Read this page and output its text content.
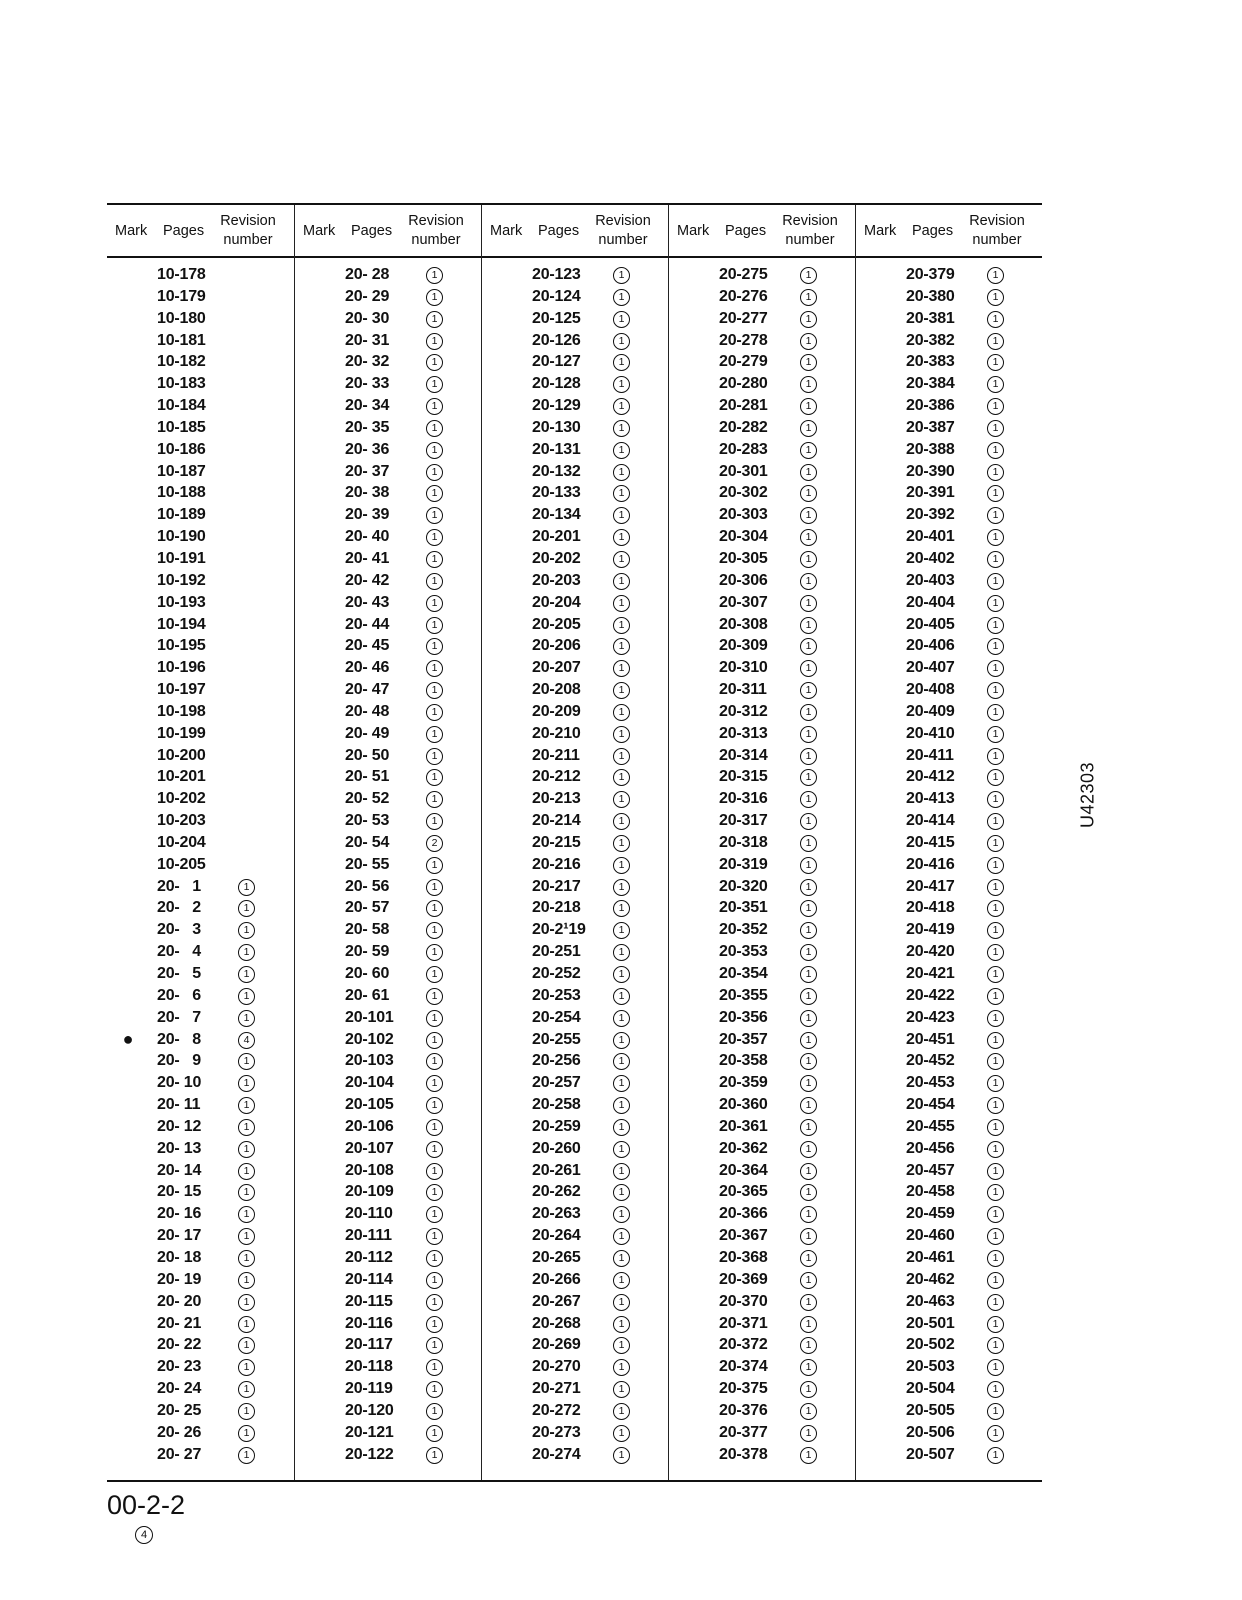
Mark Pages
Revision
number
10-178
10-179
10-180
10-181
10-182
10-183
10-184
10-185
10-186
10-187
10-188
10-189
10-190
10-191
10-192
10-193
10-194
10-195
10-196
10-197
10-198
10-199
10-200
10-201
10-202
10-203
10-204
10-205
20-   1	1
20-   2	1
20-   3	1
20-   4	1
20-   5	1
20-   6	1
20-   7	1
● 20-   8	4
20-   9	1
20- 10	1
20- 11	1
20- 12	1
20- 13	1
20- 14	1
20- 15	1
20- 16	1
20- 17	1
20- 18	1
20- 19	1
20- 20	1
20- 21	1
20- 22	1
20- 23	1
20- 24	1
20- 25	1
20- 26	1
20- 27	1
Mark Pages
Revision
number
20- 28	1
20- 29	1
20- 30	1
20- 31	1
20- 32	1
20- 33	1
20- 34	1
20- 35	1
20- 36	1
20- 37	1
20- 38	1
20- 39	1
20- 40	1
20- 41	1
20- 42	1
20- 43	1
20- 44	1
20- 45	1
20- 46	1
20- 47	1
20- 48	1
20- 49	1
20- 50	1
20- 51	1
20- 52	1
20- 53	1
20- 54	2
20- 55	1
20- 56	1
20- 57	1
20- 58	1
20- 59	1
20- 60	1
20- 61	1
20-101	1
20-102	1
20-103	1
20-104	1
20-105	1
20-106	1
20-107	1
20-108	1
20-109	1
20-110	1
20-111	1
20-112	1
20-114	1
20-115	1
20-116	1
20-117	1
20-118	1
20-119	1
20-120	1
20-121	1
20-122	1
Mark Pages
Revision
number
20-123	1
20-124	1
20-125	1
20-126	1
20-127	1
20-128	1
20-129	1
20-130	1
20-131	1
20-132	1
20-133	1
20-134	1
20-201	1
20-202	1
20-203	1
20-204	1
20-205	1
20-206	1
20-207	1
20-208	1
20-209	1
20-210	1
20-211	1
20-212	1
20-213	1
20-214	1
20-215	1
20-216	1
20-217	1
20-218	1
20-2¹19	1
20-251	1
20-252	1
20-253	1
20-254	1
20-255	1
20-256	1
20-257	1
20-258	1
20-259	1
20-260	1
20-261	1
20-262	1
20-263	1
20-264	1
20-265	1
20-266	1
20-267	1
20-268	1
20-269	1
20-270	1
20-271	1
20-272	1
20-273	1
20-274	1
Mark Pages
Revision
number
20-275	1
20-276	1
20-277	1
20-278	1
20-279	1
20-280	1
20-281	1
20-282	1
20-283	1
20-301	1
20-302	1
20-303	1
20-304	1
20-305	1
20-306	1
20-307	1
20-308	1
20-309	1
20-310	1
20-311	1
20-312	1
20-313	1
20-314	1
20-315	1
20-316	1
20-317	1
20-318	1
20-319	1
20-320	1
20-351	1
20-352	1
20-353	1
20-354	1
20-355	1
20-356	1
20-357	1
20-358	1
20-359	1
20-360	1
20-361	1
20-362	1
20-364	1
20-365	1
20-366	1
20-367	1
20-368	1
20-369	1
20-370	1
20-371	1
20-372	1
20-374	1
20-375	1
20-376	1
20-377	1
20-378	1
Mark Pages
Revision
number
20-379	1
20-380	1
20-381	1
20-382	1
20-383	1
20-384	1
20-386	1
20-387	1
20-388	1
20-390	1
20-391	1
20-392	1
20-401	1
20-402	1
20-403	1
20-404	1
20-405	1
20-406	1
20-407	1
20-408	1
20-409	1
20-410	1
20-411	1
20-412	1
20-413	1
20-414	1
20-415	1
20-416	1
20-417	1
20-418	1
20-419	1
20-420	1
20-421	1
20-422	1
20-423	1
20-451	1
20-452	1
20-453	1
20-454	1
20-455	1
20-456	1
20-457	1
20-458	1
20-459	1
20-460	1
20-461	1
20-462	1
20-463	1
20-501	1
20-502	1
20-503	1
20-504	1
20-505	1
20-506	1
20-507	1
U42303
00-2-2
4
